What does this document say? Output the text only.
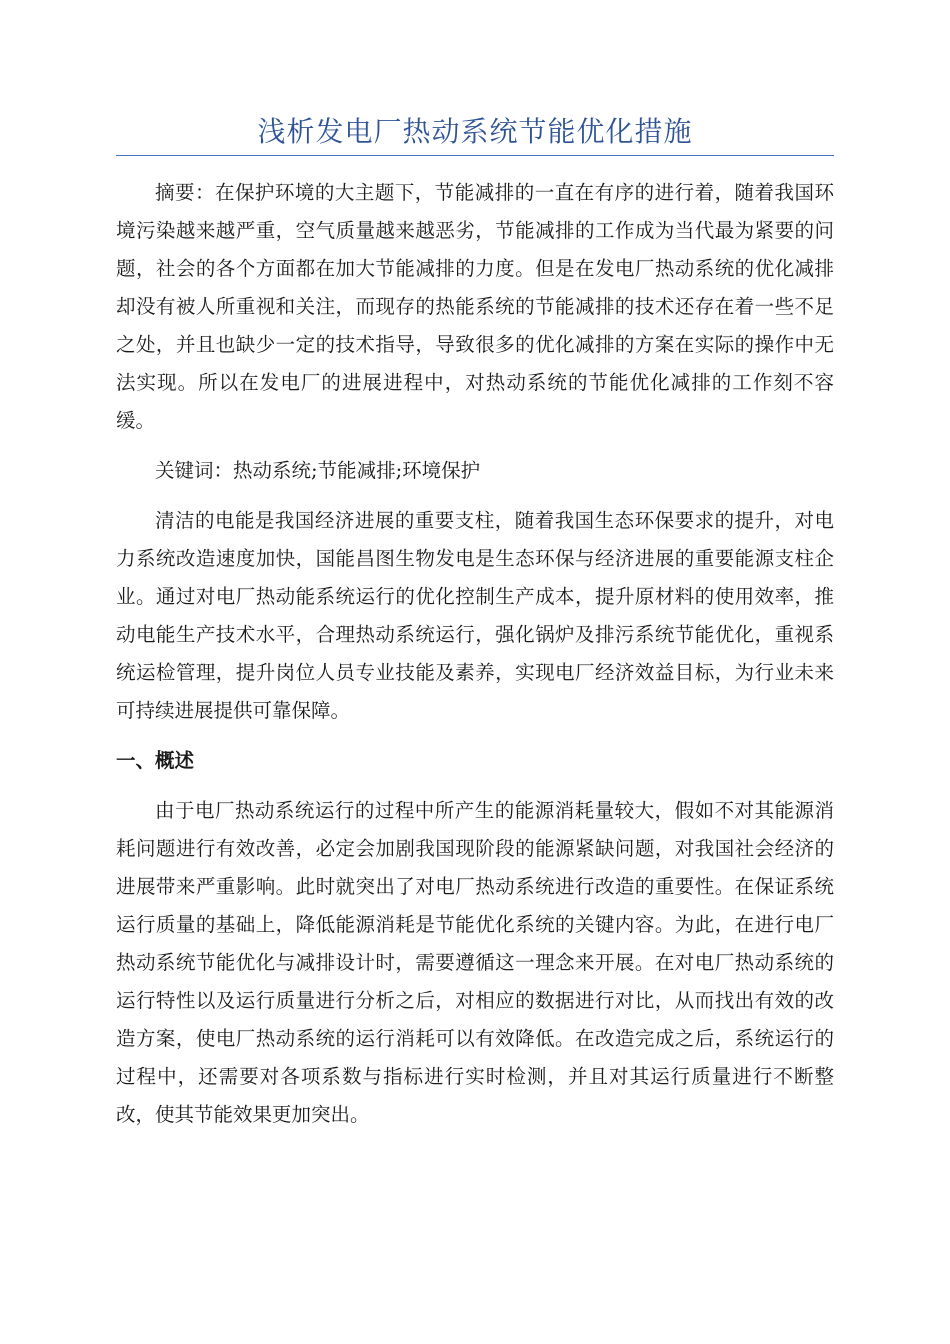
浅析发电厂热动系统节能优化措施

摘要：在保护环境的大主题下，节能减排的一直在有序的进行着，随着我国环境污染越来越严重，空气质量越来越恶劣，节能减排的工作成为当代最为紧要的问题，社会的各个方面都在加大节能减排的力度。但是在发电厂热动系统的优化减排却没有被人所重视和关注，而现存的热能系统的节能减排的技术还存在着一些不足之处，并且也缺少一定的技术指导，导致很多的优化减排的方案在实际的操作中无法实现。所以在发电厂的进展进程中，对热动系统的节能优化减排的工作刻不容缓。

关键词：热动系统;节能减排;环境保护

清洁的电能是我国经济进展的重要支柱，随着我国生态环保要求的提升，对电力系统改造速度加快，国能昌图生物发电是生态环保与经济进展的重要能源支柱企业。通过对电厂热动能系统运行的优化控制生产成本，提升原材料的使用效率，推动电能生产技术水平，合理热动系统运行，强化锅炉及排污系统节能优化，重视系统运检管理，提升岗位人员专业技能及素养，实现电厂经济效益目标，为行业未来可持续进展提供可靠保障。

一、概述

由于电厂热动系统运行的过程中所产生的能源消耗量较大，假如不对其能源消耗问题进行有效改善，必定会加剧我国现阶段的能源紧缺问题，对我国社会经济的进展带来严重影响。此时就突出了对电厂热动系统进行改造的重要性。在保证系统运行质量的基础上，降低能源消耗是节能优化系统的关键内容。为此，在进行电厂热动系统节能优化与减排设计时，需要遵循这一理念来开展。在对电厂热动系统的运行特性以及运行质量进行分析之后，对相应的数据进行对比，从而找出有效的改造方案，使电厂热动系统的运行消耗可以有效降低。在改造完成之后，系统运行的过程中，还需要对各项系数与指标进行实时检测，并且对其运行质量进行不断整改，使其节能效果更加突出。
